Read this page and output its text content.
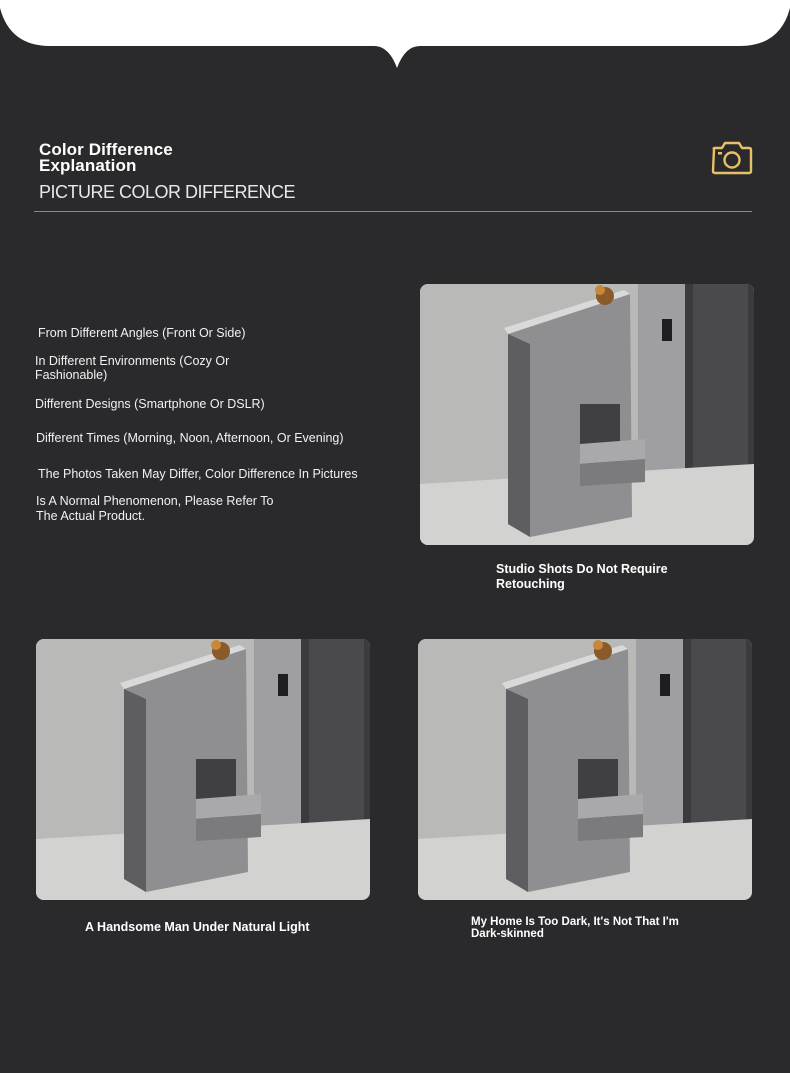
Color Difference Explanation
PICTURE COLOR DIFFERENCE
From Different Angles (Front Or Side)
In Different Environments (Cozy Or Fashionable)
Different Designs (Smartphone Or DSLR)
Different Times (Morning, Noon, Afternoon, Or Evening)
The Photos Taken May Differ, Color Difference In Pictures
Is A Normal Phenomenon, Please Refer To The Actual Product.
Studio Shots Do Not Require Retouching
A Handsome Man Under Natural Light	My Home Is Too Dark, It's Not That I'm Dark-skinned
